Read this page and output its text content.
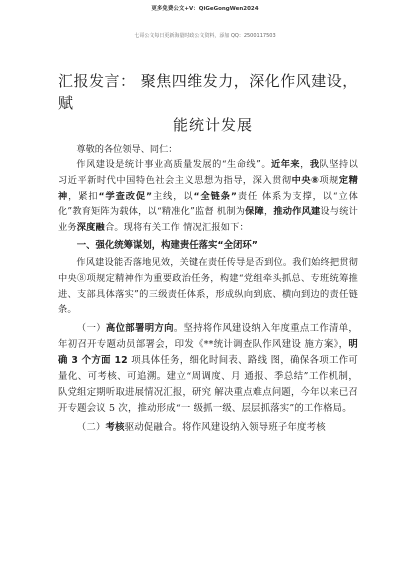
更多免费公文+V：QiGeGongWen2024
七哥公文每日更新海量时政公文资料，添加 QQ：2500117503
汇报发言： 聚焦四维发力，深化作风建设，赋
能统计发展

尊敬的各位领导、同仁：

作风建设是统计事业高质量发展的“生命线”。近年来，我队坚持以习近平新时代中国特色社会主义思想为指导，深入贯彻中央⑧项规定精神，紧扣“学查改促”主线，以“全链条”责任 体系为支撑，以“立体化”教育矩阵为载体，以“精准化”监督 机制为保障，推动作风建设与统计业务深度融合。现将有关工作 情况汇报如下：

一、强化统筹谋划，构建责任落实“全闭环”

作风建设能否落地见效，关键在责任传导是否到位。我们始终把贯彻中央⑧项规定精神作为重要政治任务，构建“党组牵头抓总、专班统筹推进、支部具体落实”的三级责任体系，形成纵向到底、横向到边的责任链条。

（一）高位部署明方向。坚持将作风建设纳入年度重点工作清单，年初召开专题动员部署会，印发《**统计调查队作风建设 施方案》，明确 3 个方面 12 项具体任务，细化时间表、路线 图，确保各项工作可量化、可考核、可追溯。建立“周调度、月 通报、季总结”工作机制，队党组定期听取进展情况汇报，研究 解决重点难点问题，今年以来已召开专题会议 5 次，推动形成“一 级抓一级、层层抓落实”的工作格局。

（二）考核驱动促融合。将作风建设纳入领导班子年度考核
